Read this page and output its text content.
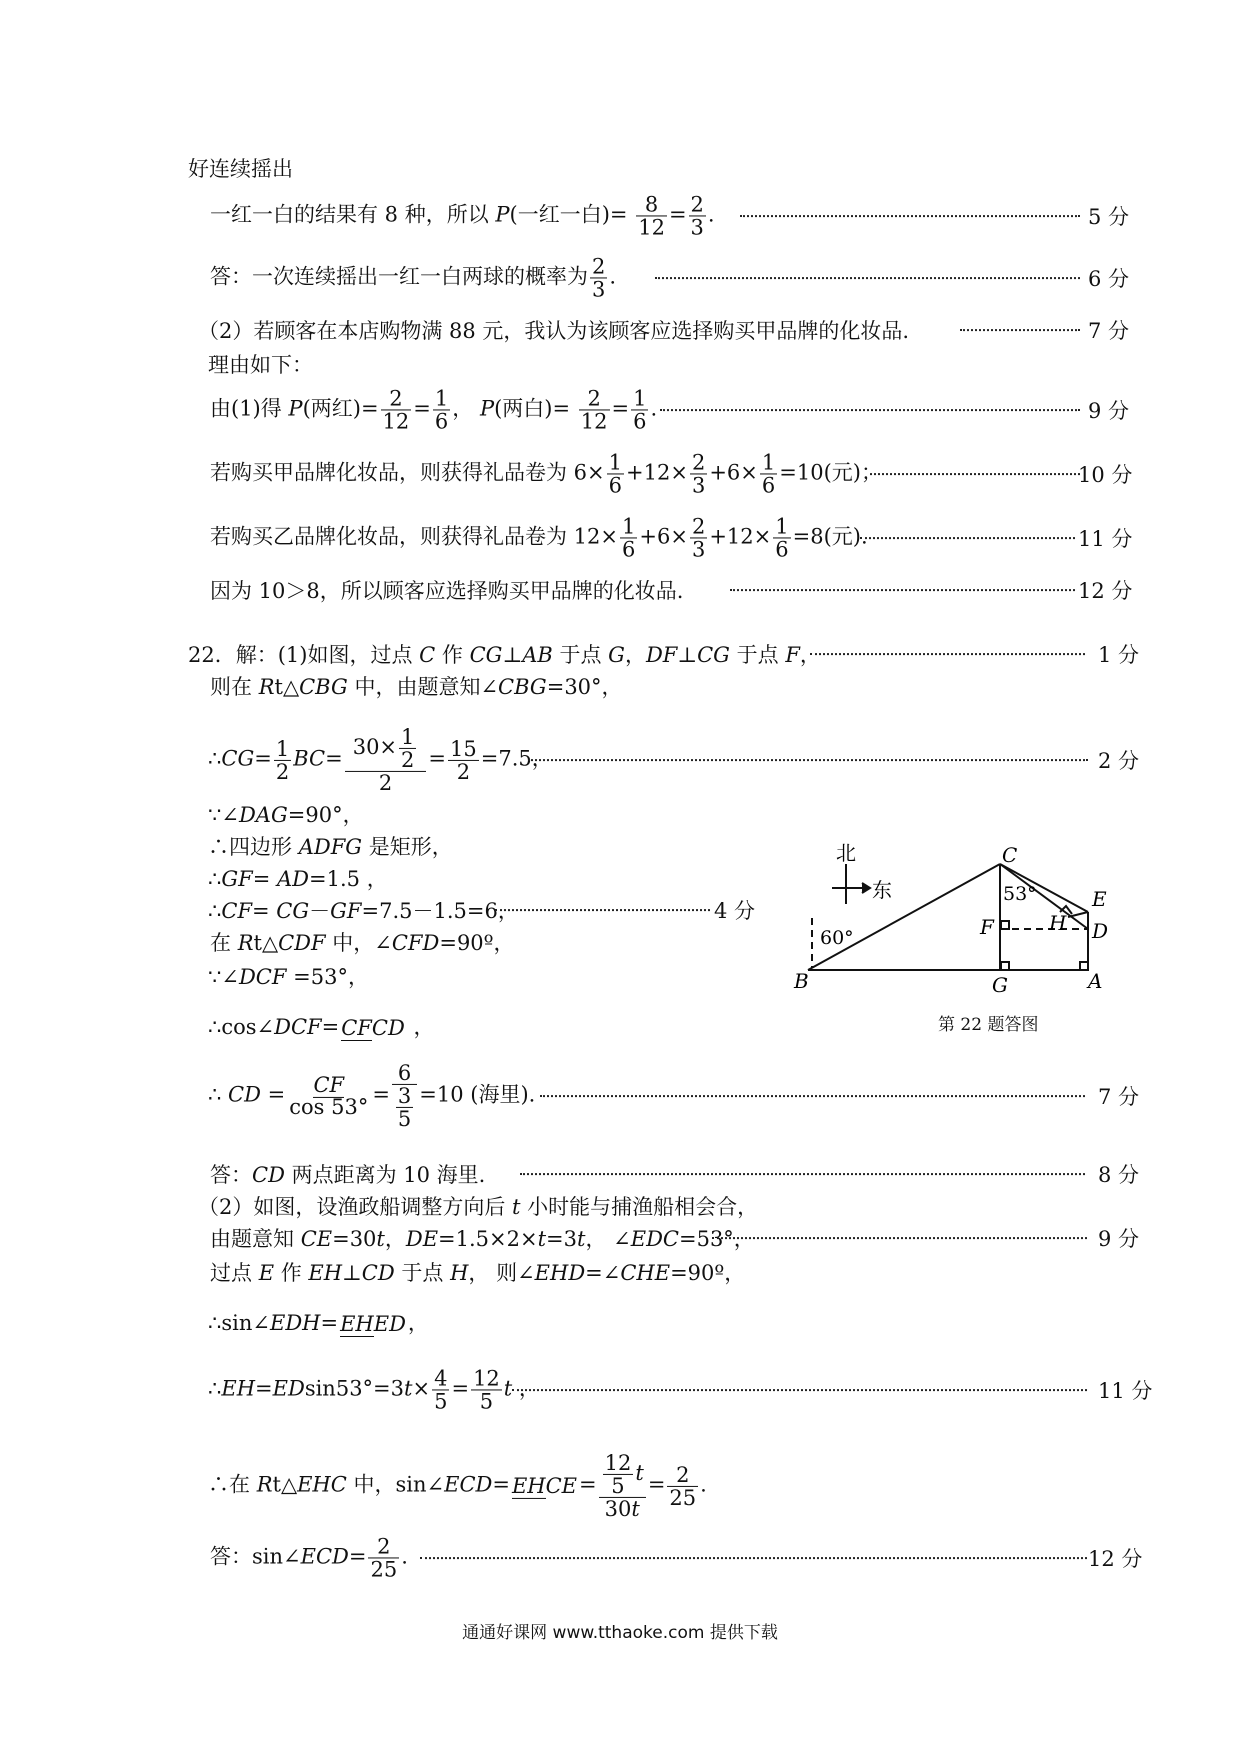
好连续摇出
一红一白的结果有 8 种，所以 P(一红一白)= $\frac{8}{12} = \frac{2}{3}$ .	5 分
答：一次连续摇出一红一白两球的概率为 $\frac{2}{3}$ .	6 分
（2）若顾客在本店购物满 88 元，我认为该顾客应选择购买甲品牌的化妆品.	7 分
理由如下：
由(1)得 P(两红)= $\frac{2}{12} = \frac{1}{6}$ ， P(两白)= $\frac{2}{12} = \frac{1}{6}$ .	9 分
若购买甲品牌化妆品，则获得礼品卷为 $6\times \frac{1}{6} +12\times \frac{2}{3} +6\times \frac{1}{6} =10$(元)；	10 分
若购买乙品牌化妆品，则获得礼品卷为 $12\times \frac{1}{6} +6\times \frac{2}{3} +12\times \frac{1}{6} =8$(元).	11 分
因为 10＞8，所以顾客应选择购买甲品牌的化妆品.	12 分
22．解：(1)如图，过点 C 作 CG⊥AB 于点 G，DF⊥CG 于点 F，	1 分
则在 Rt△CBG 中，由题意知∠CBG=30°，
∴CG= $\frac{1}{2} BC= \frac{30\times \frac{1}{2}}{2} = \frac{15}{2} =7.5$，	2 分
∵∠DAG=90°，
∴四边形 ADFG 是矩形，
∴GF= AD=1.5 ，
∴CF= CG－GF=7.5－1.5=6，	4 分
在 Rt△CDF 中，∠CFD=90º，
∵∠DCF =53°，
∴cos∠DCF=CFCD ，
∴ CD $=\frac{CF}{\cos 53^\circ} = 6$
3
5 =10 (海里).	7 分
答：CD 两点距离为 10 海里.	8 分
（2）如图，设渔政船调整方向后 t 小时能与捕渔船相会合，
由题意知 CE=30t，DE=1.5×2×t=3t， ∠EDC=53°，	9 分
过点 E 作 EH⊥CD 于点 H， 则∠EHD=∠CHE=90º，
∴sin∠EDH=EHED，
∴EH=EDsin53°=3t× $\frac{4}{5} = \frac{12}{5}$ t ，	11 分
∴在 Rt△EHC 中，sin∠ECD=EHCE= $\frac{\frac{12}{5} t}{30t} = \frac{2}{25}$ .
答：sin∠ECD= $\frac{2}{25}$ .	12 分
北
东
C
E
D
H
F
G	A
B
53°
60°
第 22 题答图
通通好课网 www.tthaoke.com 提供下载
